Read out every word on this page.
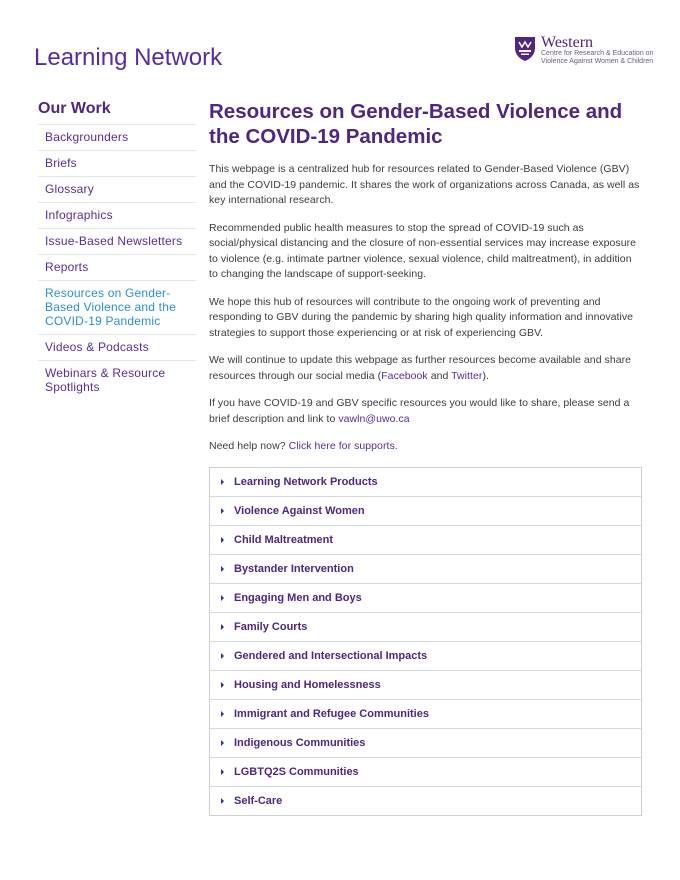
Learning Network
Western
Centre for Research & Education on
Violence Against Women & Children
Our Work
Backgrounders
Briefs
Glossary
Infographics
Issue-Based Newsletters
Reports
Resources on Gender-Based Violence and the COVID-19 Pandemic
Videos & Podcasts
Webinars & Resource Spotlights
Resources on Gender-Based Violence and the COVID-19 Pandemic

This webpage is a centralized hub for resources related to Gender-Based Violence (GBV) and the COVID-19 pandemic. It shares the work of organizations across Canada, as well as key international research.

Recommended public health measures to stop the spread of COVID-19 such as social/physical distancing and the closure of non-essential services may increase exposure to violence (e.g. intimate partner violence, sexual violence, child maltreatment), in addition to changing the landscape of support-seeking.

We hope this hub of resources will contribute to the ongoing work of preventing and responding to GBV during the pandemic by sharing high quality information and innovative strategies to support those experiencing or at risk of experiencing GBV.

We will continue to update this webpage as further resources become available and share resources through our social media (Facebook and Twitter).

If you have COVID-19 and GBV specific resources you would like to share, please send a brief description and link to vawln@uwo.ca

Need help now? Click here for supports.

Learning Network Products
Violence Against Women
Child Maltreatment
Bystander Intervention
Engaging Men and Boys
Family Courts
Gendered and Intersectional Impacts
Housing and Homelessness
Immigrant and Refugee Communities
Indigenous Communities
LGBTQ2S Communities
Self-Care
